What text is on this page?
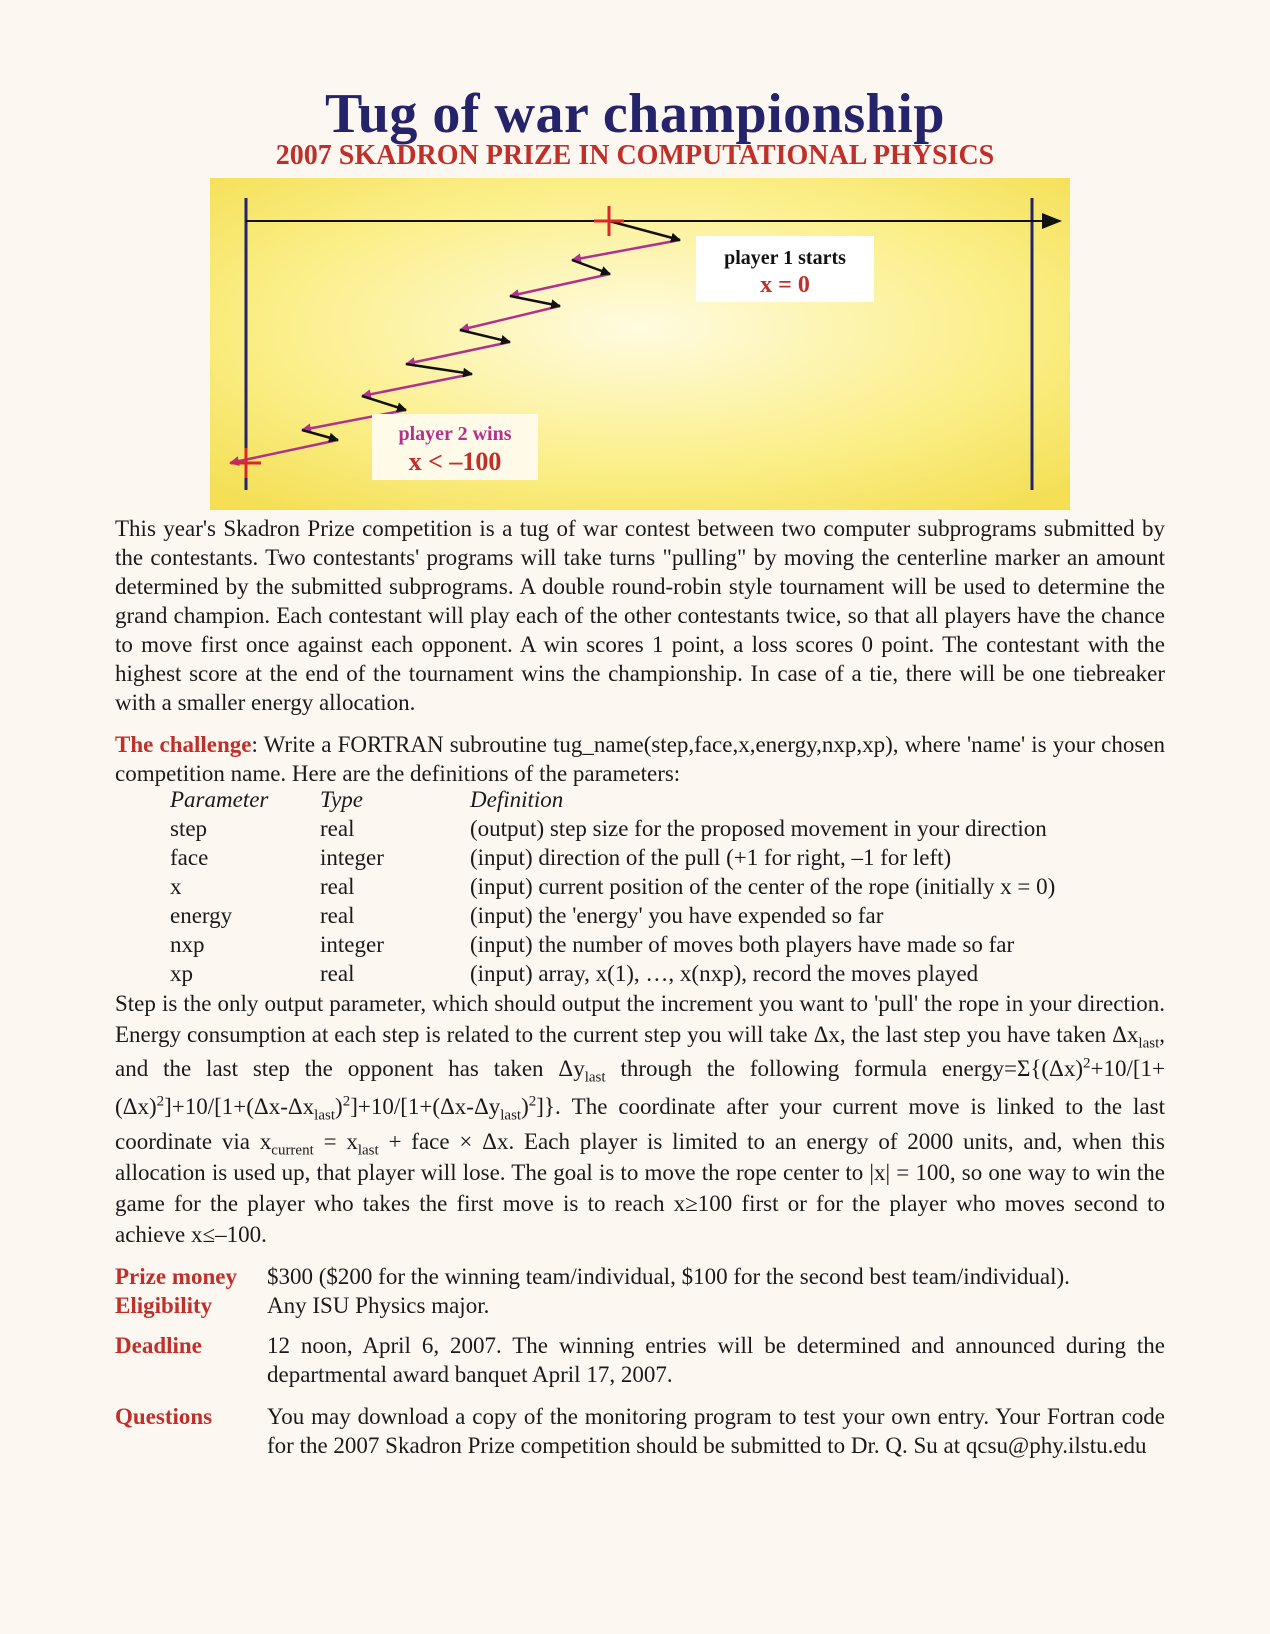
Tug of war championship
2007 SKADRON PRIZE IN COMPUTATIONAL PHYSICS
player 1 starts
x = 0
player 2 wins
x < –100
This year's Skadron Prize competition is a tug of war contest between two computer subprograms submitted by the contestants. Two contestants' programs will take turns "pulling" by moving the centerline marker an amount determined by the submitted subprograms. A double round-robin style tournament will be used to determine the grand champion. Each contestant will play each of the other contestants twice, so that all players have the chance to move first once against each opponent. A win scores 1 point, a loss scores 0 point. The contestant with the highest score at the end of the tournament wins the championship. In case of a tie, there will be one tiebreaker with a smaller energy allocation.
The challenge: Write a FORTRAN subroutine tug_name(step,face,x,energy,nxp,xp), where 'name' is your chosen competition name. Here are the definitions of the parameters:
Parameter	Type	Definition
step	real	(output) step size for the proposed movement in your direction
face	integer	(input) direction of the pull (+1 for right, –1 for left)
x	real	(input) current position of the center of the rope (initially x = 0)
energy	real	(input) the 'energy' you have expended so far
nxp	integer	(input) the number of moves both players have made so far
xp	real	(input) array, x(1), …, x(nxp), record the moves played
Step is the only output parameter, which should output the increment you want to 'pull' the rope in your direction. Energy consumption at each step is related to the current step you will take Δx, the last step you have taken $\Delta x_{last}$, and the last step the opponent has taken $\Delta y_{last}$ through the following formula $energy=\Sigma\{(\Delta x)^2+10/[1+(\Delta x)^2]+10/[1+(\Delta x-\Delta x_{last})^2]+10/[1+(\Delta x-\Delta y_{last})^2]\}$. The coordinate after your current move is linked to the last coordinate via $x_{current} = x_{last}$ + face × Δx. Each player is limited to an energy of 2000 units, and, when this allocation is used up, that player will lose. The goal is to move the rope center to |x| = 100, so one way to win the game for the player who takes the first move is to reach x≥100 first or for the player who moves second to achieve x≤–100.
Prize money	$300 ($200 for the winning team/individual, $100 for the second best team/individual).
Eligibility	Any ISU Physics major.
Deadline	12 noon, April 6, 2007. The winning entries will be determined and announced during the departmental award banquet April 17, 2007.
Questions	You may download a copy of the monitoring program to test your own entry. Your Fortran code for the 2007 Skadron Prize competition should be submitted to Dr. Q. Su at qcsu@phy.ilstu.edu
